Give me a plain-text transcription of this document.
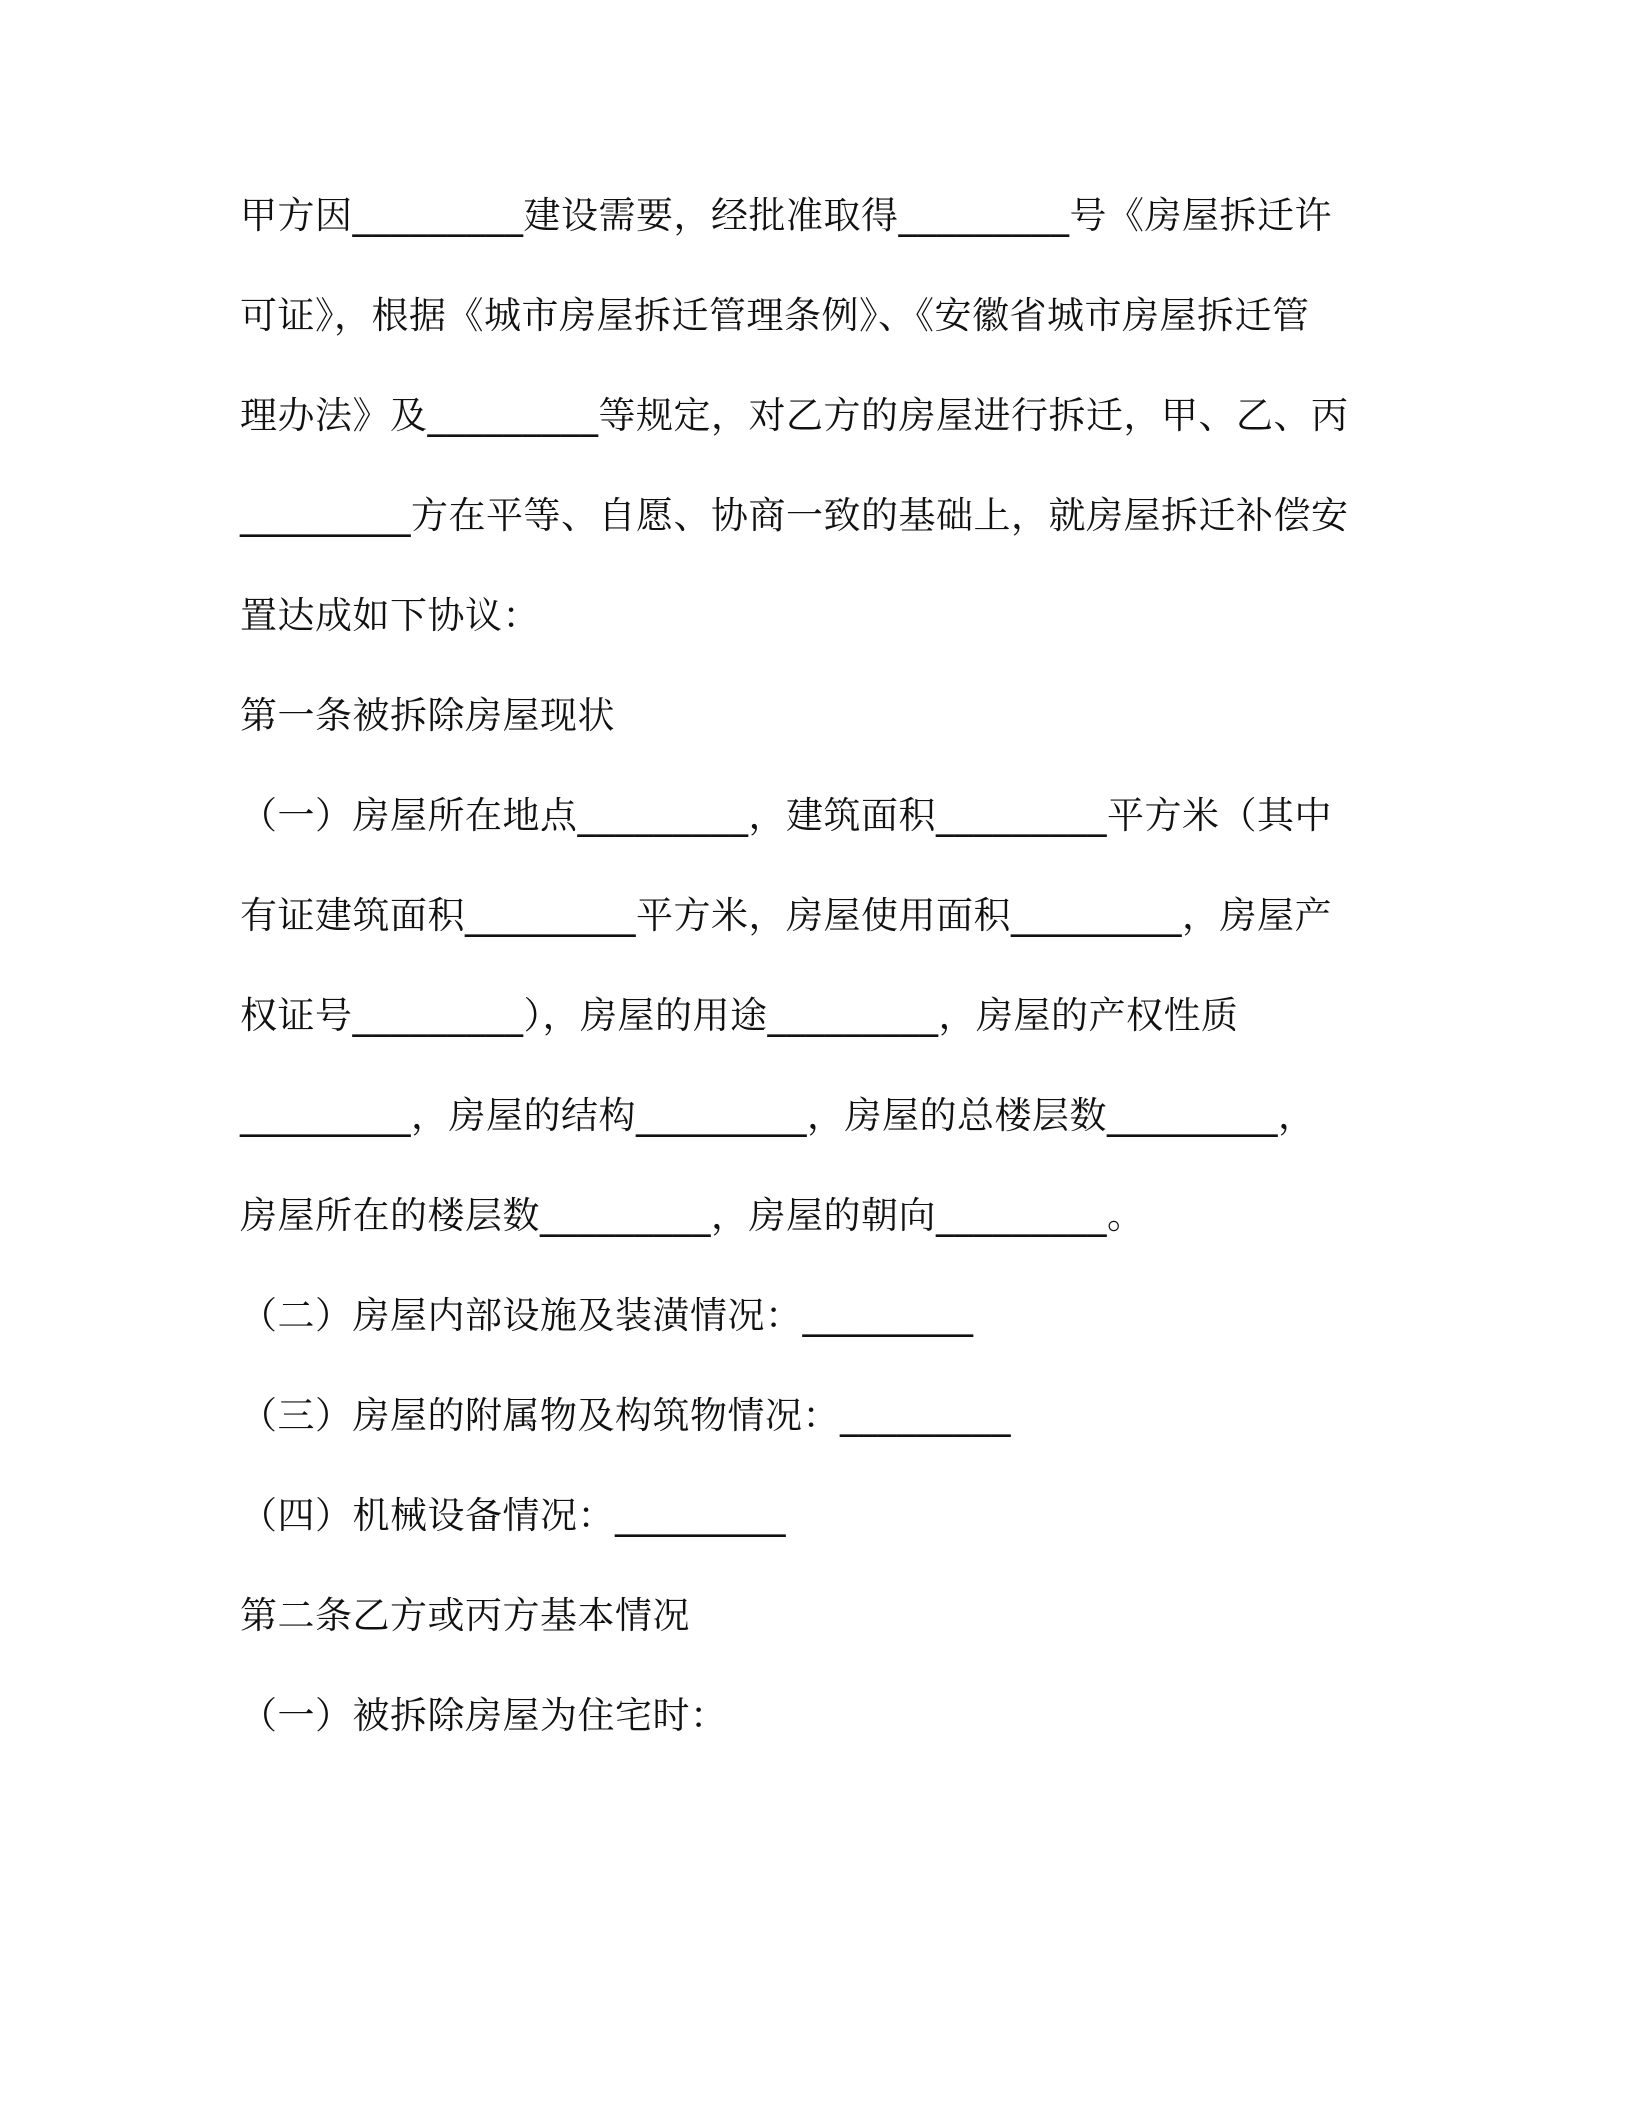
甲方因_________建设需要，经批准取得_________号《房屋拆迁许
可证》，根据《城市房屋拆迁管理条例》、《安徽省城市房屋拆迁管
理办法》及_________等规定，对乙方的房屋进行拆迁，甲、乙、丙
_________方在平等、自愿、协商一致的基础上，就房屋拆迁补偿安
置达成如下协议：
第一条被拆除房屋现状
（一）房屋所在地点_________，建筑面积_________平方米（其中
有证建筑面积_________平方米，房屋使用面积_________，房屋产
权证号_________），房屋的用途_________，房屋的产权性质
_________，房屋的结构_________，房屋的总楼层数_________，
房屋所在的楼层数_________，房屋的朝向_________。
（二）房屋内部设施及装潢情况：_________
（三）房屋的附属物及构筑物情况：_________
（四）机械设备情况：_________
第二条乙方或丙方基本情况
（一）被拆除房屋为住宅时：
